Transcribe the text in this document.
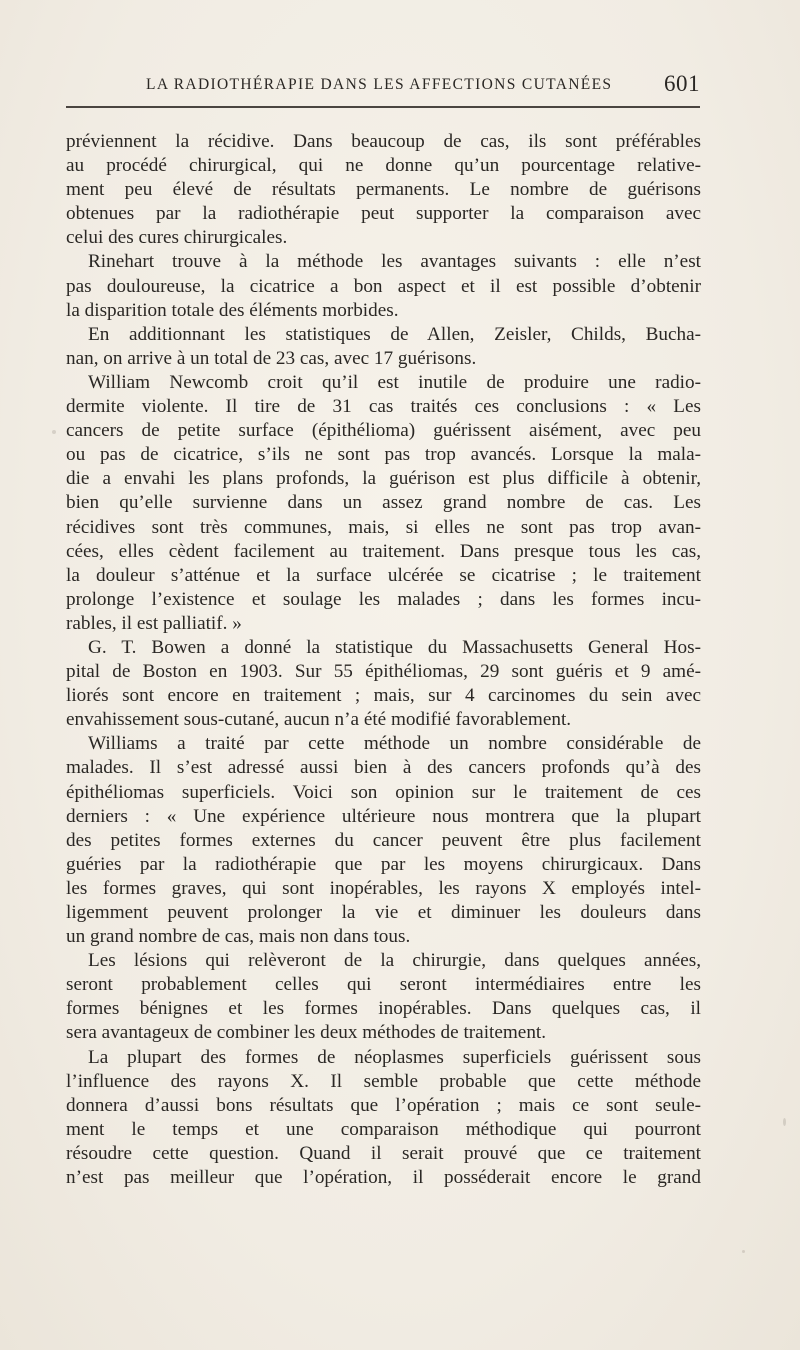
LA RADIOTHÉRAPIE DANS LES AFFECTIONS CUTANÉES 601
préviennent la récidive. Dans beaucoup de cas, ils sont préférables
au procédé chirurgical, qui ne donne qu’un pourcentage relative-
ment peu élevé de résultats permanents. Le nombre de guérisons
obtenues par la radiothérapie peut supporter la comparaison avec
celui des cures chirurgicales.
Rinehart trouve à la méthode les avantages suivants : elle n’est
pas douloureuse, la cicatrice a bon aspect et il est possible d’obtenir
la disparition totale des éléments morbides.
En additionnant les statistiques de Allen, Zeisler, Childs, Bucha-
nan, on arrive à un total de 23 cas, avec 17 guérisons.
William Newcomb croit qu’il est inutile de produire une radio-
dermite violente. Il tire de 31 cas traités ces conclusions : « Les
cancers de petite surface (épithélioma) guérissent aisément, avec peu
ou pas de cicatrice, s’ils ne sont pas trop avancés. Lorsque la mala-
die a envahi les plans profonds, la guérison est plus difficile à obtenir,
bien qu’elle survienne dans un assez grand nombre de cas. Les
récidives sont très communes, mais, si elles ne sont pas trop avan-
cées, elles cèdent facilement au traitement. Dans presque tous les cas,
la douleur s’atténue et la surface ulcérée se cicatrise ; le traitement
prolonge l’existence et soulage les malades ; dans les formes incu-
rables, il est palliatif. »
G. T. Bowen a donné la statistique du Massachusetts General Hos-
pital de Boston en 1903. Sur 55 épithéliomas, 29 sont guéris et 9 amé-
liorés sont encore en traitement ; mais, sur 4 carcinomes du sein avec
envahissement sous-cutané, aucun n’a été modifié favorablement.
Williams a traité par cette méthode un nombre considérable de
malades. Il s’est adressé aussi bien à des cancers profonds qu’à des
épithéliomas superficiels. Voici son opinion sur le traitement de ces
derniers : « Une expérience ultérieure nous montrera que la plupart
des petites formes externes du cancer peuvent être plus facilement
guéries par la radiothérapie que par les moyens chirurgicaux. Dans
les formes graves, qui sont inopérables, les rayons X employés intel-
ligemment peuvent prolonger la vie et diminuer les douleurs dans
un grand nombre de cas, mais non dans tous.
Les lésions qui relèveront de la chirurgie, dans quelques années,
seront probablement celles qui seront intermédiaires entre les
formes bénignes et les formes inopérables. Dans quelques cas, il
sera avantageux de combiner les deux méthodes de traitement.
La plupart des formes de néoplasmes superficiels guérissent sous
l’influence des rayons X. Il semble probable que cette méthode
donnera d’aussi bons résultats que l’opération ; mais ce sont seule-
ment le temps et une comparaison méthodique qui pourront
résoudre cette question. Quand il serait prouvé que ce traitement
n’est pas meilleur que l’opération, il posséderait encore le grand
